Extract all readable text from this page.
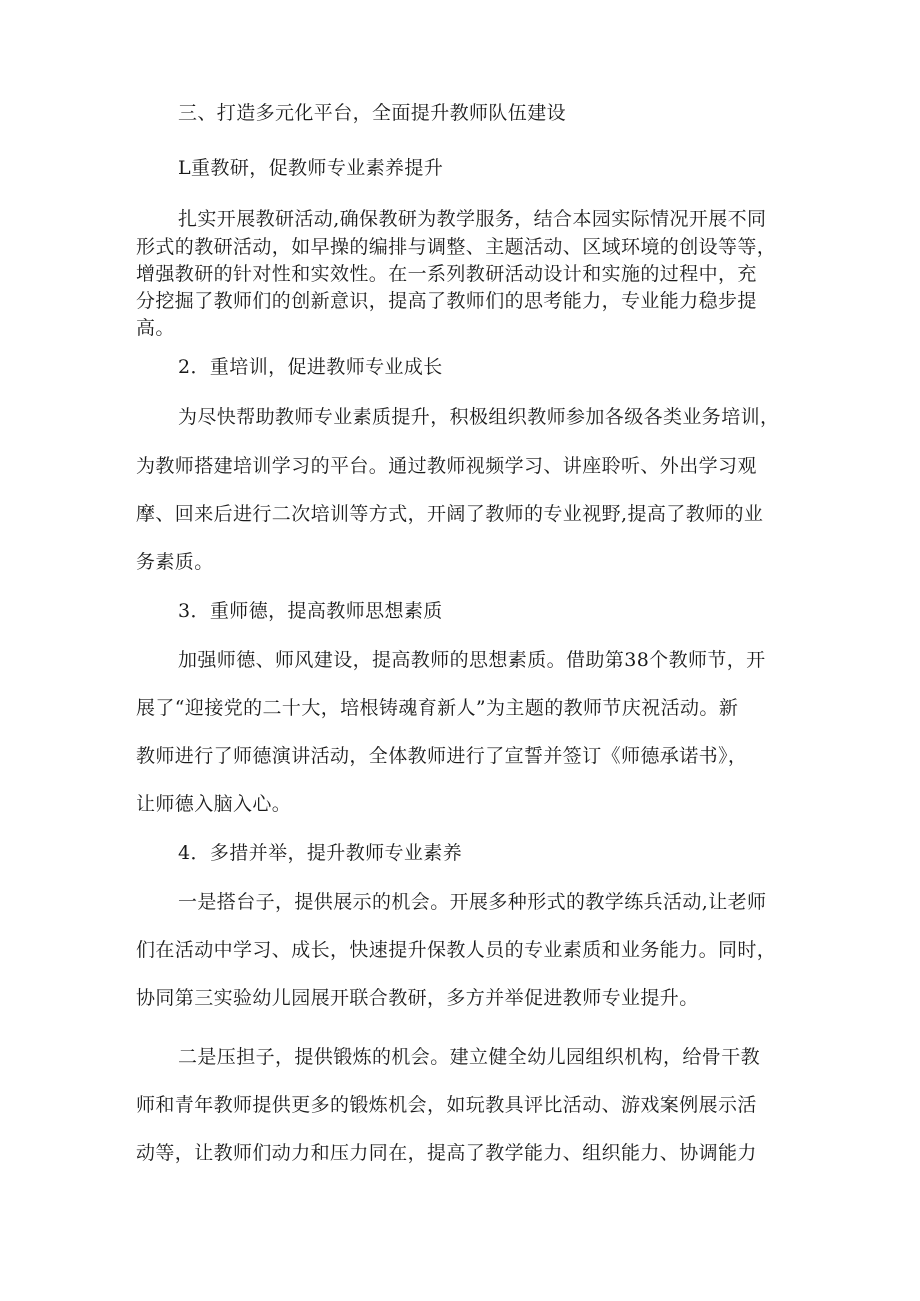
三、打造多元化平台，全面提升教师队伍建设
L重教研，促教师专业素养提升
扎实开展教研活动,确保教研为教学服务，结合本园实际情况开展不同
形式的教研活动，如早操的编排与调整、主题活动、区域环境的创设等等，
增强教研的针对性和实效性。在一系列教研活动设计和实施的过程中，充
分挖掘了教师们的创新意识，提高了教师们的思考能力，专业能力稳步提
高。
2．重培训，促进教师专业成长
为尽快帮助教师专业素质提升，积极组织教师参加各级各类业务培训，
为教师搭建培训学习的平台。通过教师视频学习、讲座聆听、外出学习观
摩、回来后进行二次培训等方式，开阔了教师的专业视野,提高了教师的业
务素质。
3．重师德，提高教师思想素质
加强师德、师风建设，提高教师的思想素质。借助第38个教师节，开
展了“迎接党的二十大，培根铸魂育新人”为主题的教师节庆祝活动。新
教师进行了师德演讲活动，全体教师进行了宣誓并签订《师德承诺书》，
让师德入脑入心。
4．多措并举，提升教师专业素养
一是搭台子，提供展示的机会。开展多种形式的教学练兵活动,让老师
们在活动中学习、成长，快速提升保教人员的专业素质和业务能力。同时，
协同第三实验幼儿园展开联合教研，多方并举促进教师专业提升。
二是压担子，提供锻炼的机会。建立健全幼儿园组织机构，给骨干教
师和青年教师提供更多的锻炼机会，如玩教具评比活动、游戏案例展示活
动等，让教师们动力和压力同在，提高了教学能力、组织能力、协调能力
